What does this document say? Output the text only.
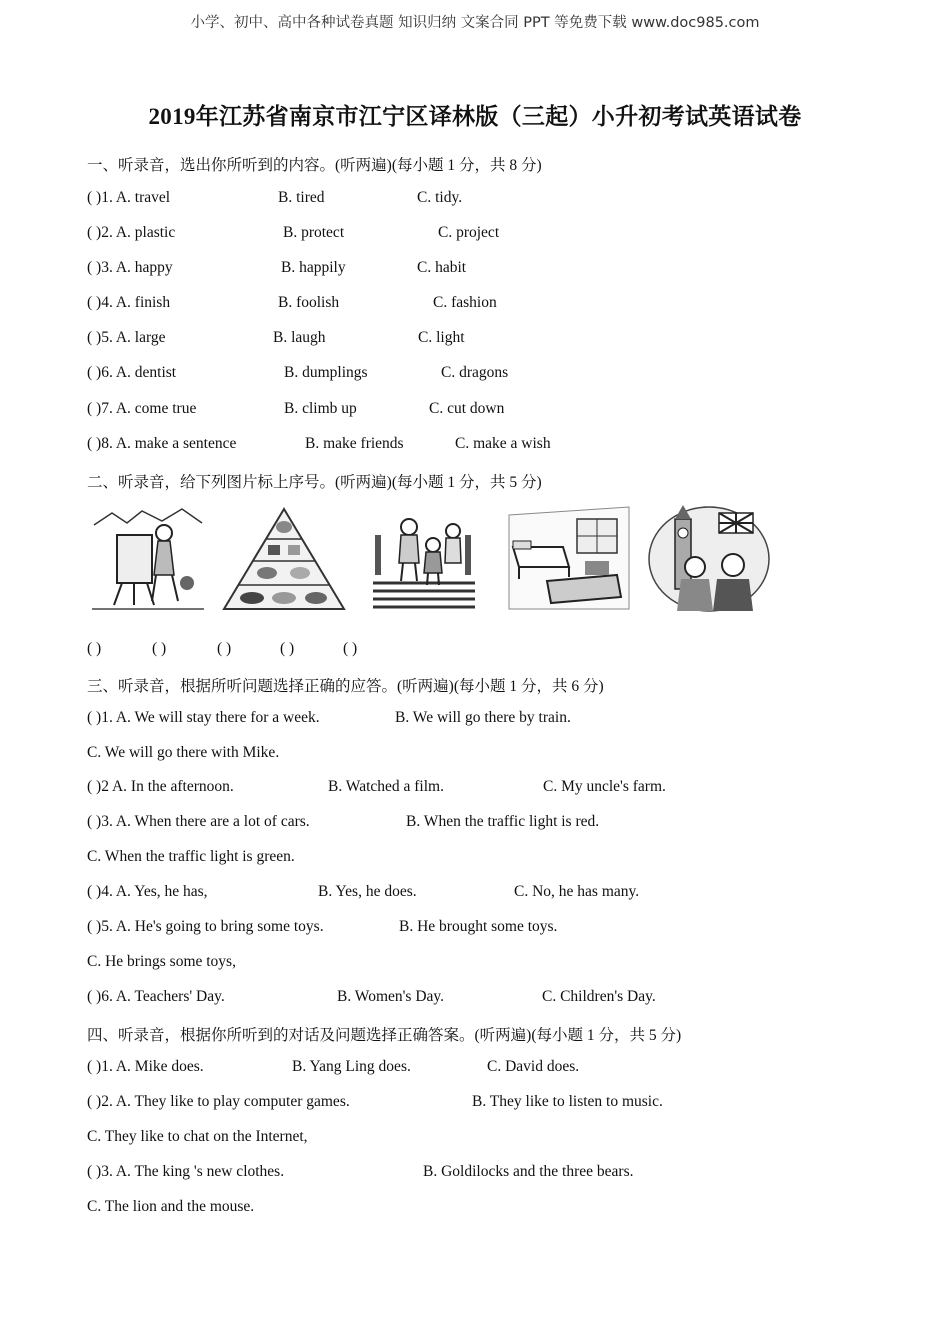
小学、初中、高中各种试卷真题 知识归纳 文案合同 PPT 等免费下载 www.doc985.com
2019年江苏省南京市江宁区译林版（三起）小升初考试英语试卷
一、听录音，选出你所听到的内容。(听两遍)(每小题 1 分，共 8 分)
( )1. A. travel	B. tired	C. tidy.
( )2. A. plastic	B. protect	C. project
( )3. A. happy	B. happily	C. habit
( )4. A. finish	B. foolish	C. fashion
( )5. A. large	B. laugh	C. light
( )6. A. dentist	B. dumplings	C. dragons
( )7. A. come true	B. climb up	C. cut down
( )8. A. make a sentence	B. make friends	C. make a wish
二、听录音，给下列图片标上序号。(听两遍)(每小题 1 分，共 5 分)
( )	( )	( )	( )	( )
三、听录音，根据所听问题选择正确的应答。(听两遍)(每小题 1 分，共 6 分)
( )1. A. We will stay there for a week.	B. We will go there by train.
C. We will go there with Mike.
( )2 A. In the afternoon.	B. Watched a film.	C. My uncle's farm.
( )3. A. When there are a lot of cars.	B. When the traffic light is red.
C. When the traffic light is green.
( )4. A. Yes, he has,	B. Yes, he does.	C. No, he has many.
( )5. A. He's going to bring some toys.	B. He brought some toys.
C. He brings some toys,
( )6. A. Teachers' Day.	B. Women's Day.	C. Children's Day.
四、听录音，根据你所听到的对话及问题选择正确答案。(听两遍)(每小题 1 分，共 5 分)
( )1. A. Mike does.	B. Yang Ling does.	C. David does.
( )2. A. They like to play computer games.	B. They like to listen to music.
C. They like to chat on the Internet,
( )3. A. The king 's new clothes.	B. Goldilocks and the three bears.
C. The lion and the mouse.
